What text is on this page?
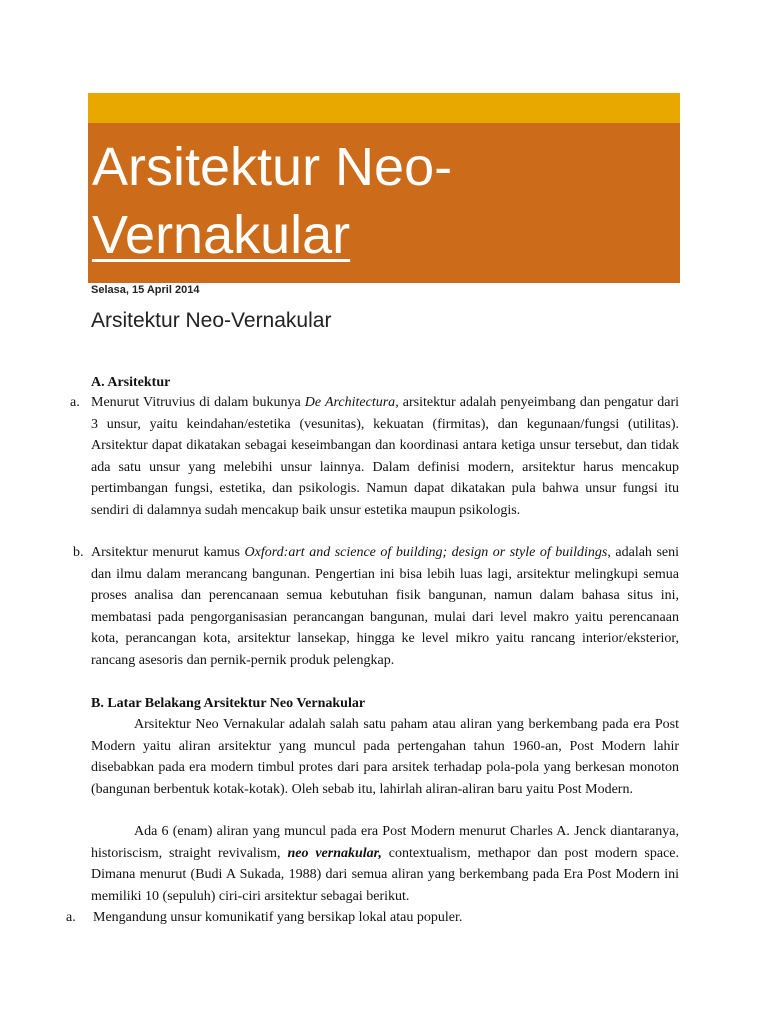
Arsitektur Neo-
Vernakular
Selasa, 15 April 2014
Arsitektur Neo-Vernakular

A. Arsitektur

a. Menurut Vitruvius di dalam bukunya De Architectura, arsitektur adalah penyeimbang dan pengatur dari 3 unsur, yaitu keindahan/estetika (vesunitas), kekuatan (firmitas), dan kegunaan/fungsi (utilitas). Arsitektur dapat dikatakan sebagai keseimbangan dan koordinasi antara ketiga unsur tersebut, dan tidak ada satu unsur yang melebihi unsur lainnya. Dalam definisi modern, arsitektur harus mencakup pertimbangan fungsi, estetika, dan psikologis. Namun dapat dikatakan pula bahwa unsur fungsi itu sendiri di dalamnya sudah mencakup baik unsur estetika maupun psikologis.

b. Arsitektur menurut kamus Oxford:art and science of building; design or style of buildings, adalah seni dan ilmu dalam merancang bangunan. Pengertian ini bisa lebih luas lagi, arsitektur melingkupi semua proses analisa dan perencanaan semua kebutuhan fisik bangunan, namun dalam bahasa situs ini, membatasi pada pengorganisasian perancangan bangunan, mulai dari level makro yaitu perencanaan kota, perancangan kota, arsitektur lansekap, hingga ke level mikro yaitu rancang interior/eksterior, rancang asesoris dan pernik-pernik produk pelengkap.

B. Latar Belakang Arsitektur Neo Vernakular

Arsitektur Neo Vernakular adalah salah satu paham atau aliran yang berkembang pada era Post Modern yaitu aliran arsitektur yang muncul pada pertengahan tahun 1960-an, Post Modern lahir disebabkan pada era modern timbul protes dari para arsitek terhadap pola-pola yang berkesan monoton (bangunan berbentuk kotak-kotak). Oleh sebab itu, lahirlah aliran-aliran baru yaitu Post Modern.

Ada 6 (enam) aliran yang muncul pada era Post Modern menurut Charles A. Jenck diantaranya, historiscism, straight revivalism, neo vernakular, contextualism, methapor dan post modern space. Dimana menurut (Budi A Sukada, 1988) dari semua aliran yang berkembang pada Era Post Modern ini memiliki 10 (sepuluh) ciri-ciri arsitektur sebagai berikut.

a. Mengandung unsur komunikatif yang bersikap lokal atau populer.
